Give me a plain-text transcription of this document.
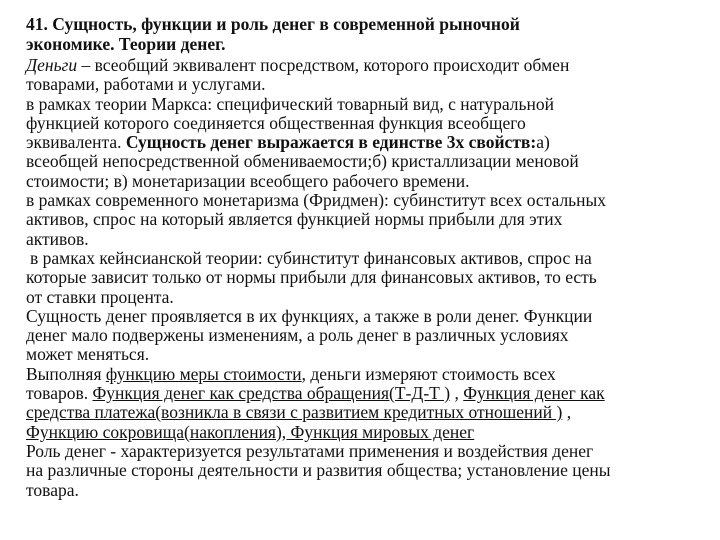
41. Сущность, функции и роль денег в современной рыночной
экономике. Теории денег.
Деньги – всеобщий эквивалент посредством, которого происходит обмен
товарами, работами и услугами.
в рамках теории Маркса: специфический товарный вид, с натуральной
функцией которого соединяется общественная функция всеобщего
эквивалента. Сущность денег выражается в единстве 3х свойств:а)
всеобщей непосредственной обмениваемости;б) кристаллизации меновой
стоимости; в) монетаризации всеобщего рабочего времени.
в рамках современного монетаризма (Фридмен): субинститут всех остальных
активов, спрос на который является функцией нормы прибыли для этих
активов.
в рамках кейнсианской теории: субинститут финансовых активов, спрос на
которые зависит только от нормы прибыли для финансовых активов, то есть
от ставки процента.
Сущность денег проявляется в их функциях, а также в роли денег. Функции
денег мало подвержены изменениям, а роль денег в различных условиях
может меняться.
Выполняя функцию меры стоимости, деньги измеряют стоимость всех
товаров. Функция денег как средства обращения(Т-Д-Т ) , Функция денег как
средства платежа(возникла в связи с развитием кредитных отношений ) ,
Функцию сокровища(накопления), Функция мировых денег
Роль денег - характеризуется результатами применения и воздействия денег
на различные стороны деятельности и развития общества; установление цены
товара.
